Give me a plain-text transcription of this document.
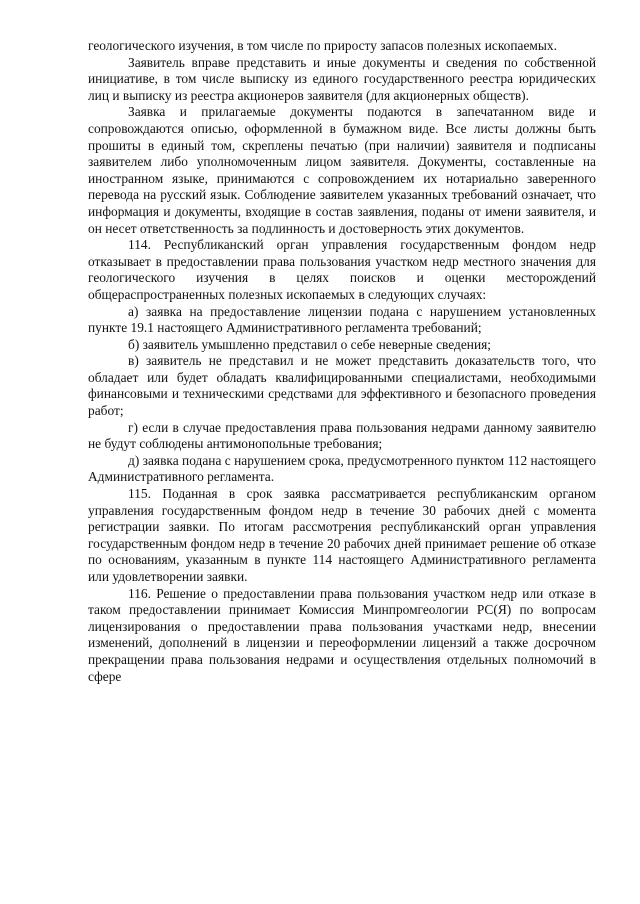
геологического изучения, в том числе по приросту запасов полезных ископаемых.

Заявитель вправе представить и иные документы и сведения по собственной инициативе, в том числе выписку из единого государственного реестра юридических лиц и выписку из реестра акционеров заявителя (для акционерных обществ).

Заявка и прилагаемые документы подаются в запечатанном виде и сопровождаются описью, оформленной в бумажном виде. Все листы должны быть прошиты в единый том, скреплены печатью (при наличии) заявителя и подписаны заявителем либо уполномоченным лицом заявителя. Документы, составленные на иностранном языке, принимаются с сопровождением их нотариально заверенного перевода на русский язык. Соблюдение заявителем указанных требований означает, что информация и документы, входящие в состав заявления, поданы от имени заявителя, и он несет ответственность за подлинность и достоверность этих документов.

114. Республиканский орган управления государственным фондом недр отказывает в предоставлении права пользования участком недр местного значения для геологического изучения в целях поисков и оценки месторождений общераспространенных полезных ископаемых в следующих случаях:

а) заявка на предоставление лицензии подана с нарушением установленных пункте 19.1 настоящего Административного регламента требований;

б) заявитель умышленно представил о себе неверные сведения;

в) заявитель не представил и не может представить доказательств того, что обладает или будет обладать квалифицированными специалистами, необходимыми финансовыми и техническими средствами для эффективного и безопасного проведения работ;

г) если в случае предоставления права пользования недрами данному заявителю не будут соблюдены антимонопольные требования;

д) заявка подана с нарушением срока, предусмотренного пунктом 112 настоящего Административного регламента.

115. Поданная в срок заявка рассматривается республиканским органом управления государственным фондом недр в течение 30 рабочих дней с момента регистрации заявки. По итогам рассмотрения республиканский орган управления государственным фондом недр в течение 20 рабочих дней принимает решение об отказе по основаниям, указанным в пункте 114 настоящего Административного регламента или удовлетворении заявки.

116. Решение о предоставлении права пользования участком недр или отказе в таком предоставлении принимает Комиссия Минпромгеологии РС(Я) по вопросам лицензирования о предоставлении права пользования участками недр, внесении изменений, дополнений в лицензии и переоформлении лицензий а также досрочном прекращении права пользования недрами и осуществления отдельных полномочий в сфере
